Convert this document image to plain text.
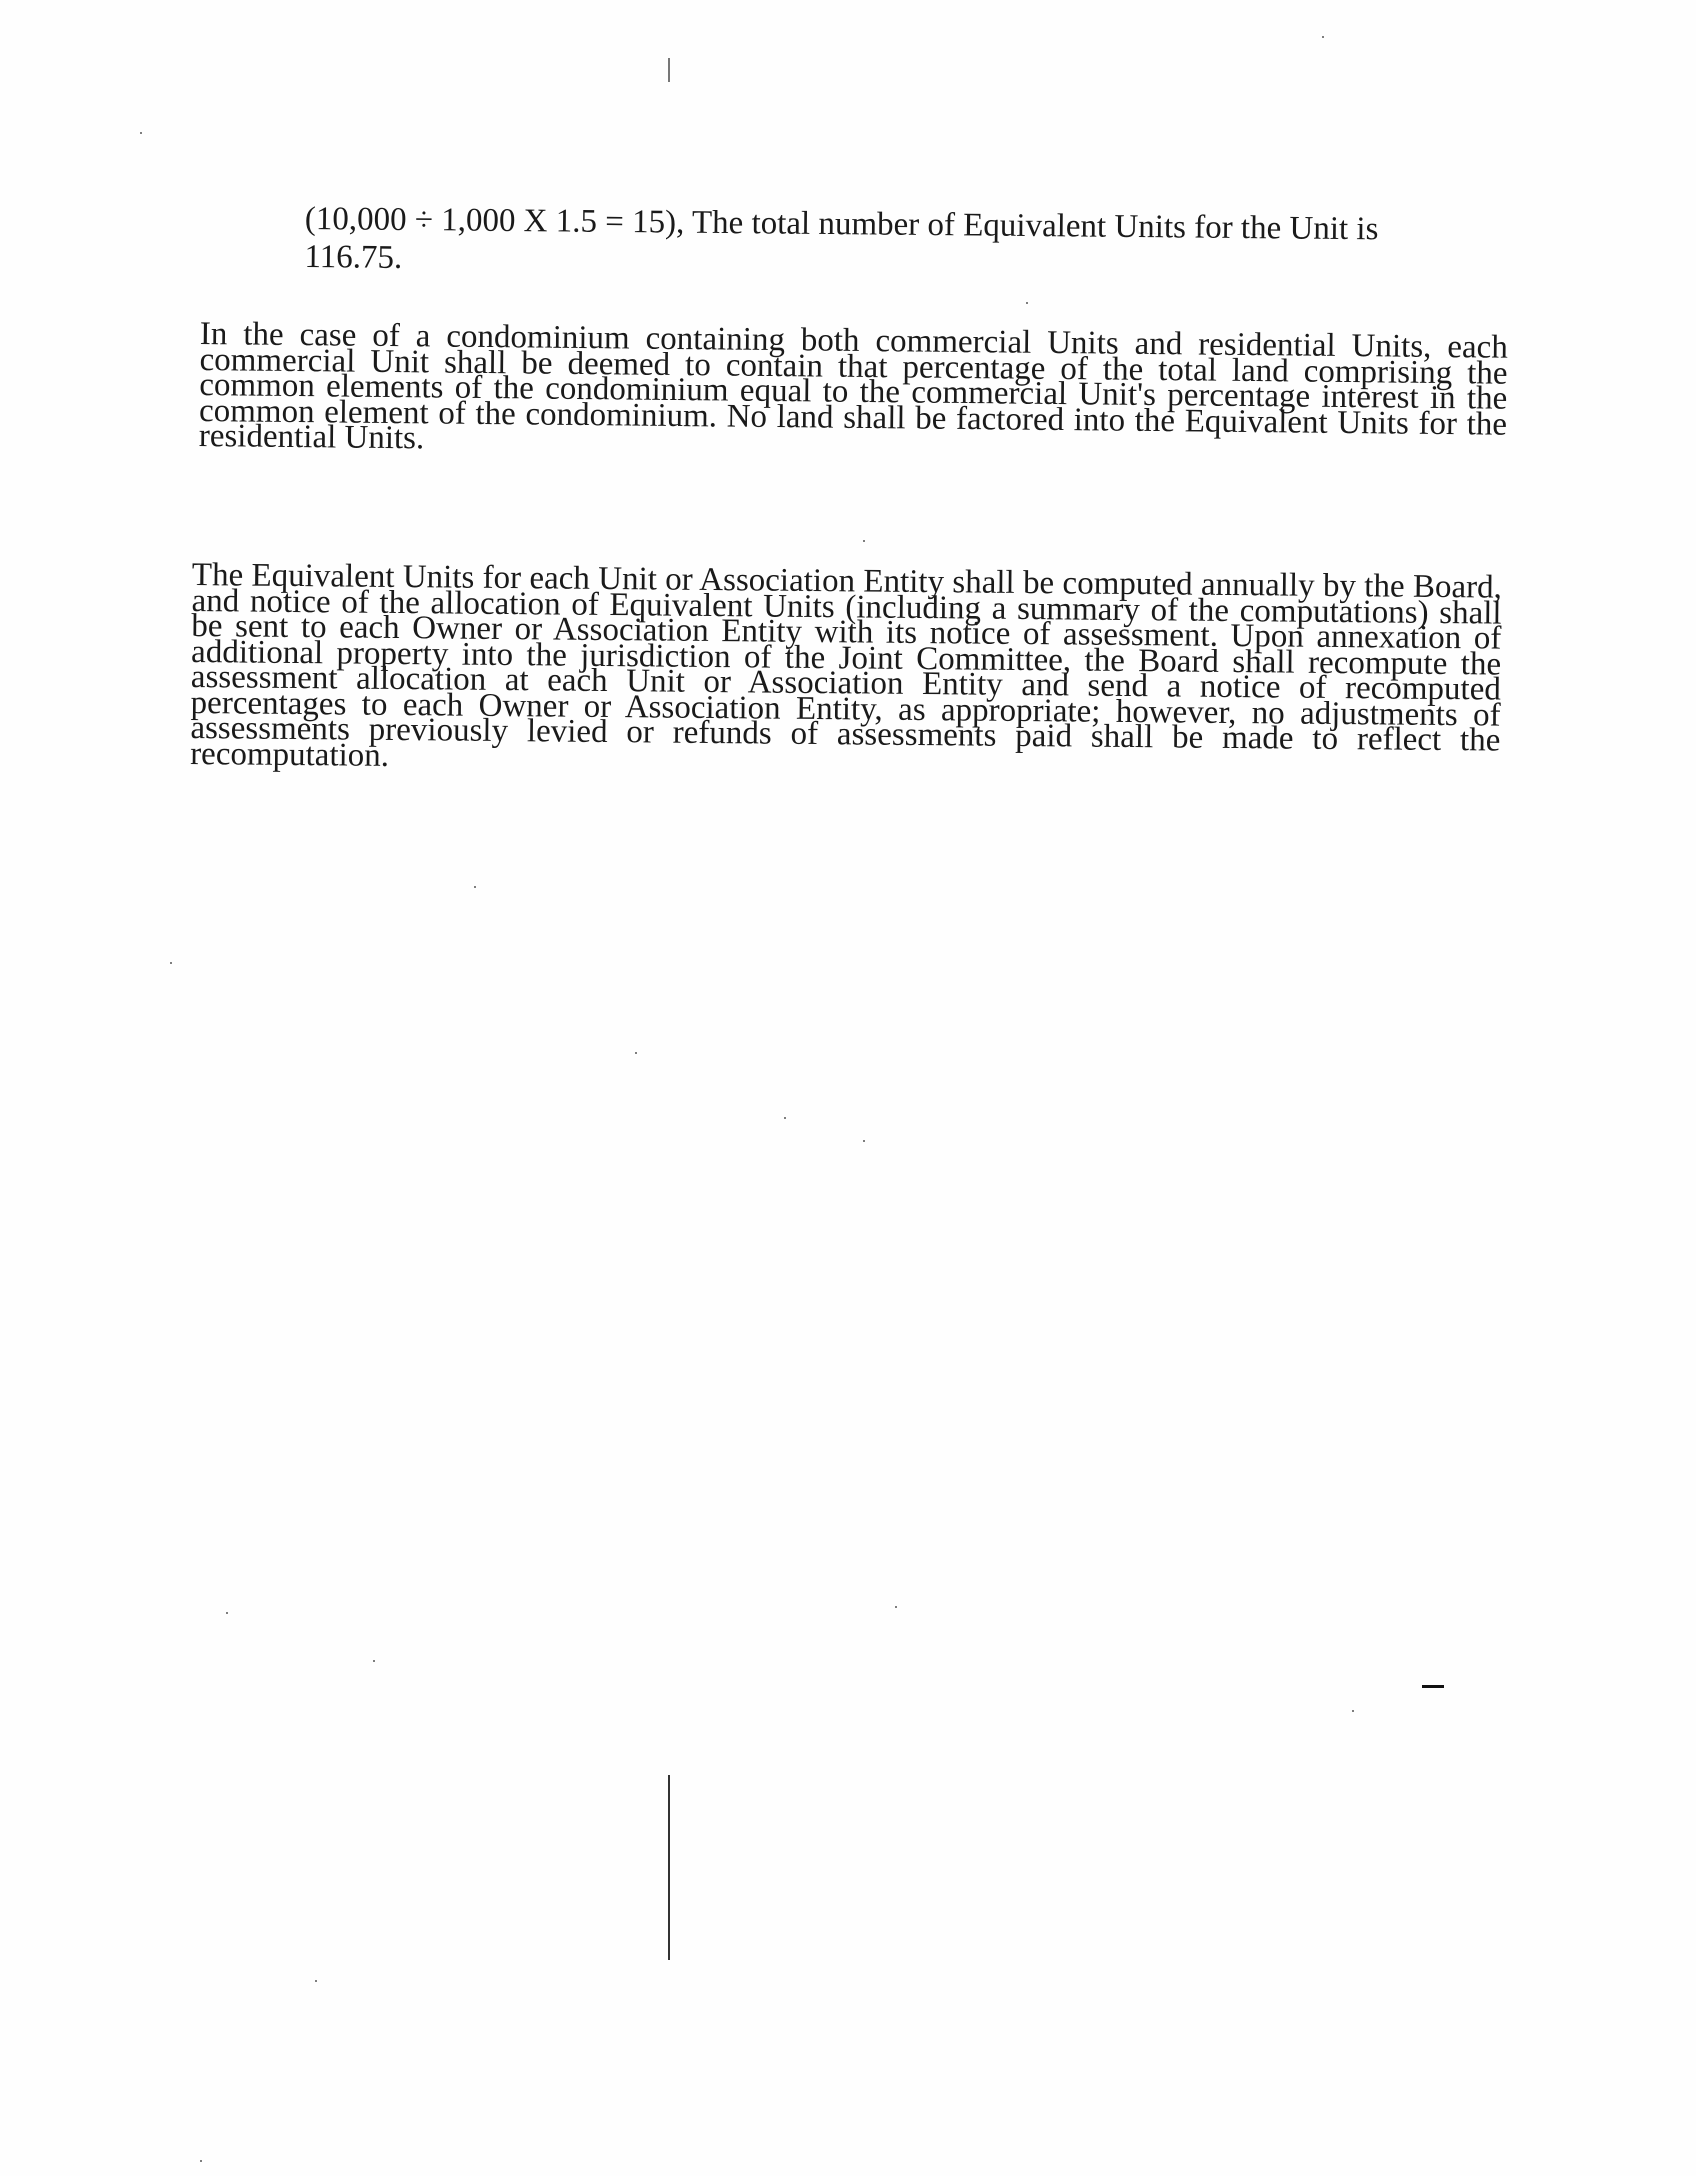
(10,000 ÷ 1,000 X 1.5 = 15), The total number of Equivalent Units for the Unit is
116.75.
In the case of a condominium containing both commercial Units and residential Units, each commercial Unit shall be deemed to contain that percentage of the total land comprising the common elements of the condominium equal to the commercial Unit's percentage interest in the common element of the condominium. No land shall be factored into the Equivalent Units for the residential Units.
The Equivalent Units for each Unit or Association Entity shall be computed annually by the Board, and notice of the allocation of Equivalent Units (including a summary of the computations) shall be sent to each Owner or Association Entity with its notice of assessment. Upon annexation of additional property into the jurisdiction of the Joint Committee, the Board shall recompute the assessment allocation at each Unit or Association Entity and send a notice of recomputed percentages to each Owner or Association Entity, as appropriate; however, no adjustments of assessments previously levied or refunds of assessments paid shall be made to reflect the recomputation.
